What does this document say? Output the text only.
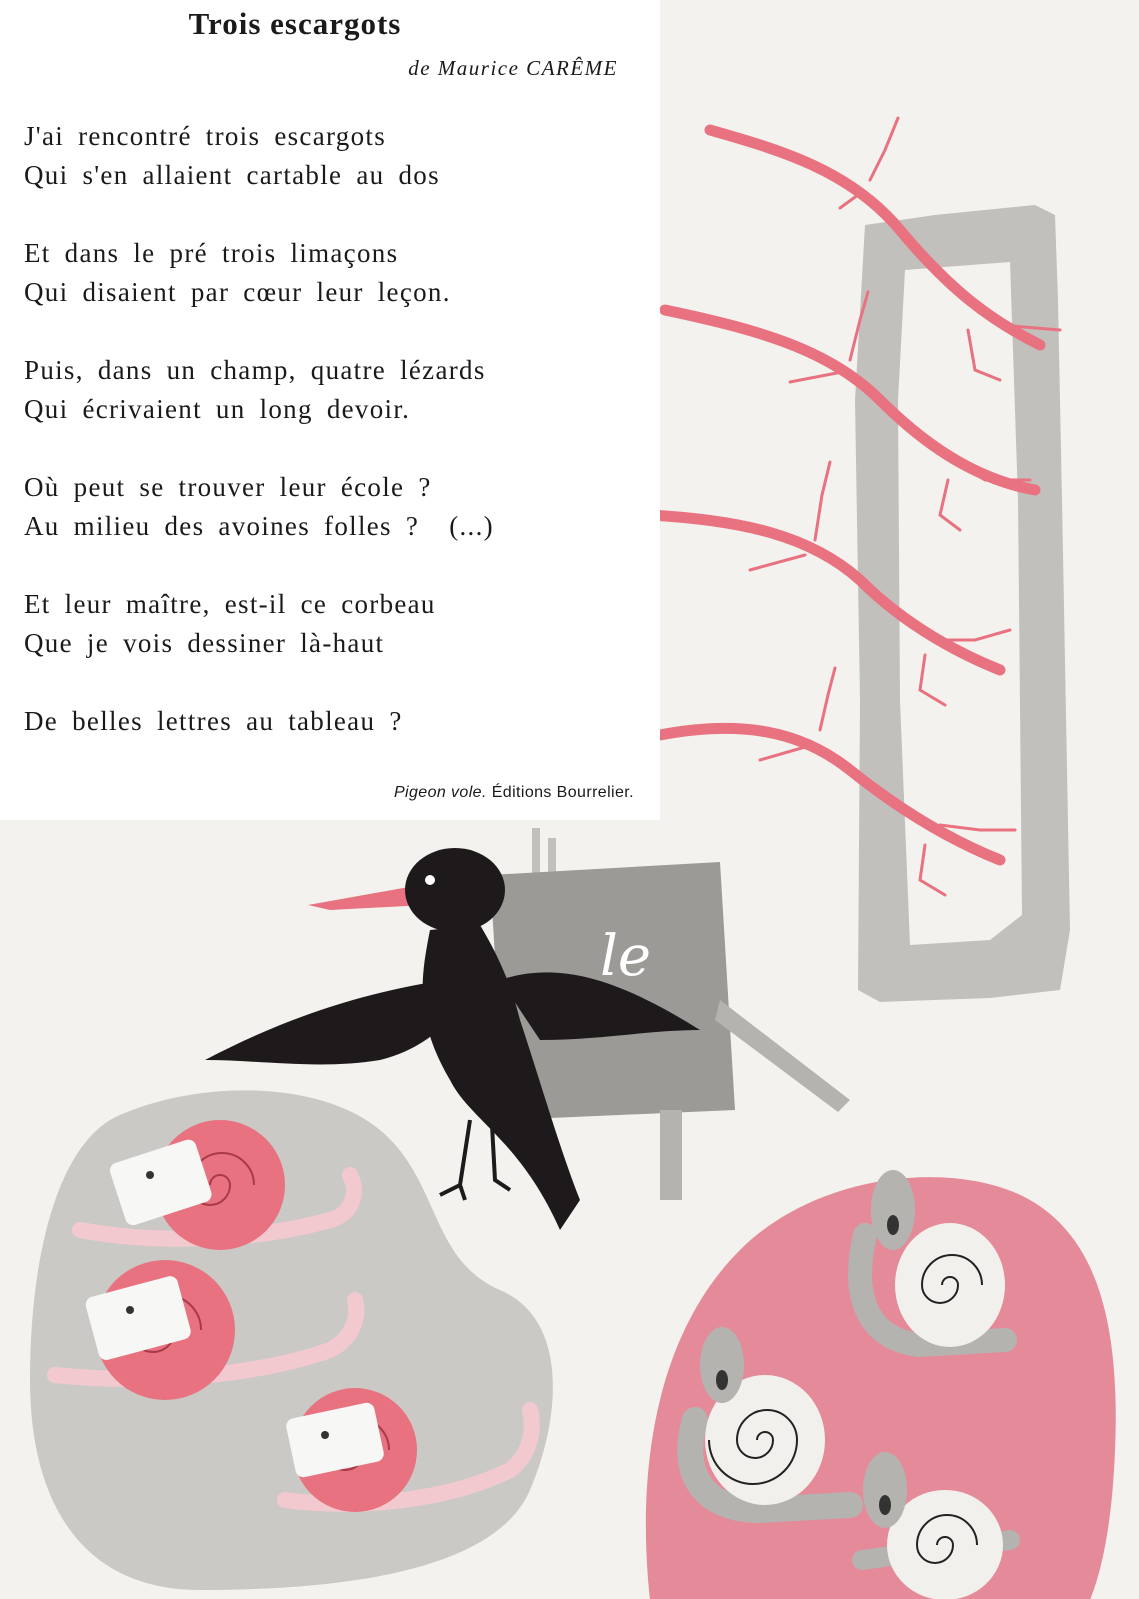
le
Trois escargots
de Maurice CARÊME
J'ai rencontré trois escargots
Qui s'en allaient cartable au dos
Et dans le pré trois limaçons
Qui disaient par cœur leur leçon.
Puis, dans un champ, quatre lézards
Qui écrivaient un long devoir.
Où peut se trouver leur école ?
Au milieu des avoines folles ? (...)
Et leur maître, est-il ce corbeau
Que je vois dessiner là-haut
De belles lettres au tableau ?
Pigeon vole. Éditions Bourrelier.
